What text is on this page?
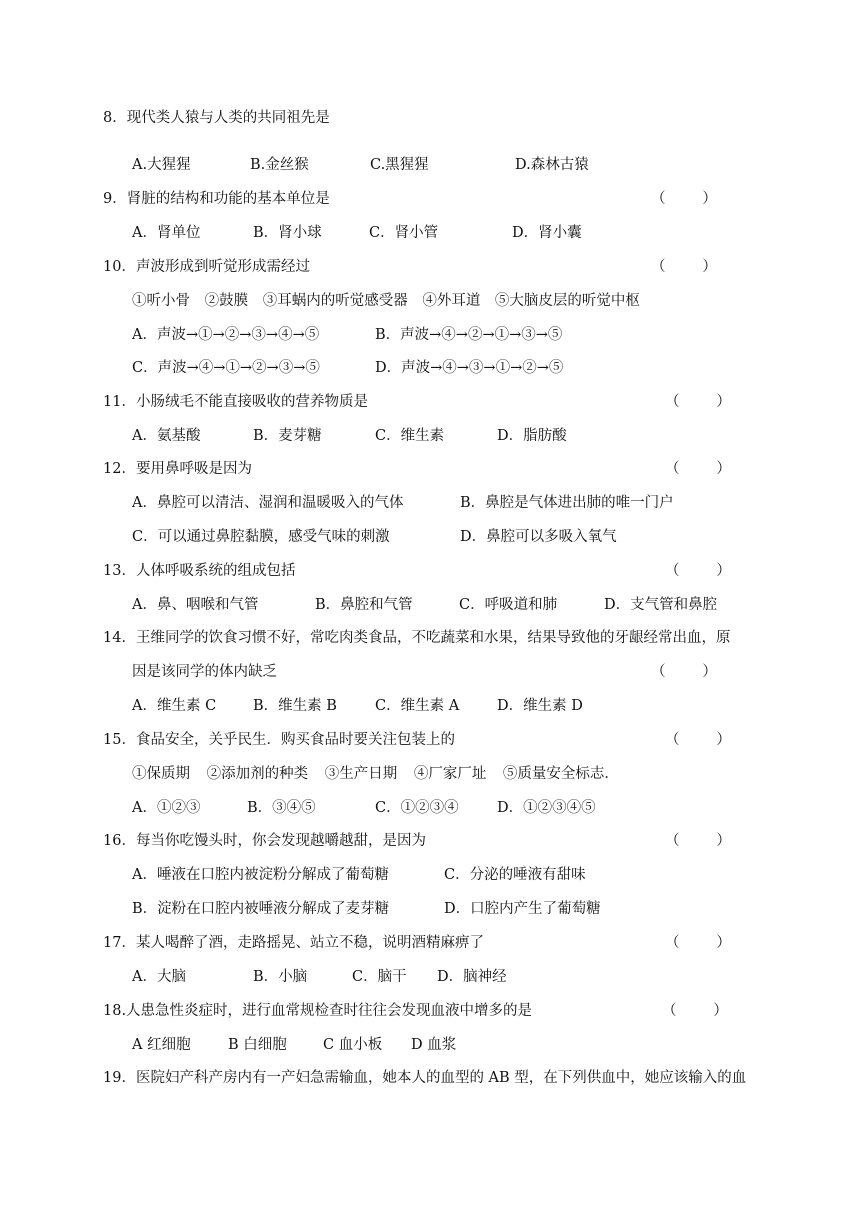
8．现代类人猿与人类的共同祖先是
A.大猩猩	B.金丝猴	C.黑猩猩	D.森林古猿
9．肾脏的结构和功能的基本单位是	（        ）
A．肾单位	B．肾小球	C．肾小管	D．肾小囊
10．声波形成到听觉形成需经过	（        ）
①听小骨 ②鼓膜 ③耳蜗内的听觉感受器 ④外耳道 ⑤大脑皮层的听觉中枢
A．声波→①→②→③→④→⑤	B．声波→④→②→①→③→⑤
C．声波→④→①→②→③→⑤	D．声波→④→③→①→②→⑤
11．小肠绒毛不能直接吸收的营养物质是	（        ）
A．氨基酸	B．麦芽糖	C．维生素	D．脂肪酸
12．要用鼻呼吸是因为	（        ）
A．鼻腔可以清洁、湿润和温暖吸入的气体	B．鼻腔是气体进出肺的唯一门户
C．可以通过鼻腔黏膜，感受气味的刺激	D．鼻腔可以多吸入氧气
13．人体呼吸系统的组成包括	（        ）
A．鼻、咽喉和气管	B．鼻腔和气管	C．呼吸道和肺	D．支气管和鼻腔
14．王维同学的饮食习惯不好，常吃肉类食品，不吃蔬菜和水果，结果导致他的牙龈经常出血，原
因是该同学的体内缺乏	（        ）
A．维生素 C	B．维生素 B	C．维生素 A	D．维生素 D
15．食品安全，关乎民生．购买食品时要关注包装上的	（        ）
①保质期 ②添加剂的种类 ③生产日期 ④厂家厂址 ⑤质量安全标志．
A．①②③	B．③④⑤	C．①②③④	D．①②③④⑤
16．每当你吃馒头时，你会发现越嚼越甜，是因为	（        ）
A．唾液在口腔内被淀粉分解成了葡萄糖	C．分泌的唾液有甜味
B．淀粉在口腔内被唾液分解成了麦芽糖	D．口腔内产生了葡萄糖
17．某人喝醉了酒，走路摇晃、站立不稳，说明酒精麻痹了	（        ）
A．大脑	B．小脑	C．脑干 D．脑神经
18.人患急性炎症时，进行血常规检查时往往会发现血液中增多的是	（        ）
A 红细胞	B 白细胞 C 血小板 D 血浆
19．医院妇产科产房内有一产妇急需输血，她本人的血型的 AB 型，在下列供血中，她应该输入的血
